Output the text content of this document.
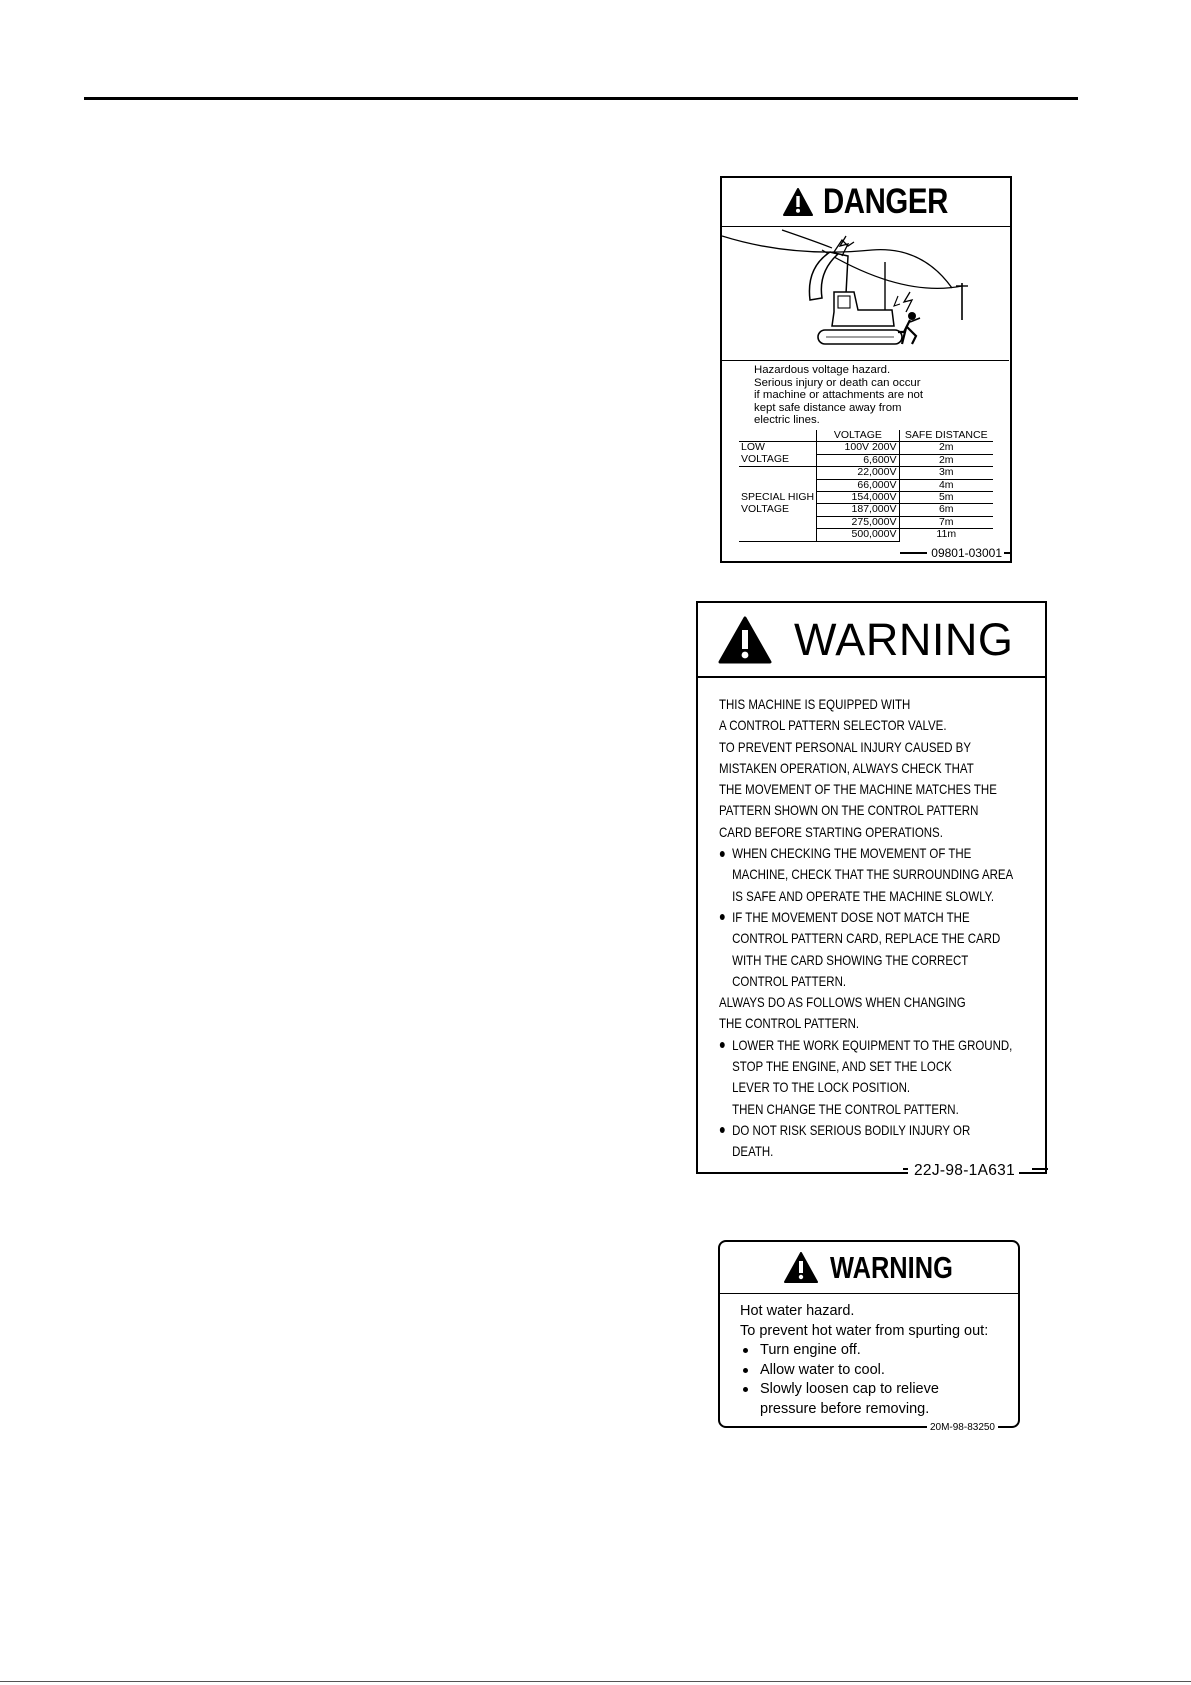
DANGER
Hazardous voltage hazard.
Serious injury or death can occur
if machine or attachments are not
kept safe distance away from
electric lines.
	VOLTAGE	SAFE DISTANCE
LOW	100V 200V	2m
VOLTAGE	6,600V	2m
	22,000V	3m
	66,000V	4m
SPECIAL HIGH	154,000V	5m
VOLTAGE	187,000V	6m
	275,000V	7m
	500,000V	11m
09801-03001
WARNING
THIS MACHINE IS EQUIPPED WITH
A CONTROL PATTERN SELECTOR VALVE.
TO PREVENT PERSONAL INJURY CAUSED BY
MISTAKEN OPERATION, ALWAYS CHECK THAT
THE MOVEMENT OF THE MACHINE MATCHES THE
PATTERN SHOWN ON THE CONTROL PATTERN
CARD BEFORE STARTING OPERATIONS.
WHEN CHECKING THE MOVEMENT OF THE
MACHINE, CHECK THAT THE SURROUNDING AREA
IS SAFE AND OPERATE THE MACHINE SLOWLY.
IF THE MOVEMENT DOSE NOT MATCH THE
CONTROL PATTERN CARD, REPLACE THE CARD
WITH THE CARD SHOWING THE CORRECT
CONTROL PATTERN.
ALWAYS DO AS FOLLOWS WHEN CHANGING
THE CONTROL PATTERN.
LOWER THE WORK EQUIPMENT TO THE GROUND,
STOP THE ENGINE, AND SET THE LOCK
LEVER TO THE LOCK POSITION.
THEN CHANGE THE CONTROL PATTERN.
DO NOT RISK SERIOUS BODILY INJURY OR
DEATH.
22J-98-1A631
WARNING
Hot water hazard.
To prevent hot water from spurting out:
Turn engine off.
Allow water to cool.
Slowly loosen cap to relieve
pressure before removing.
20M-98-83250
